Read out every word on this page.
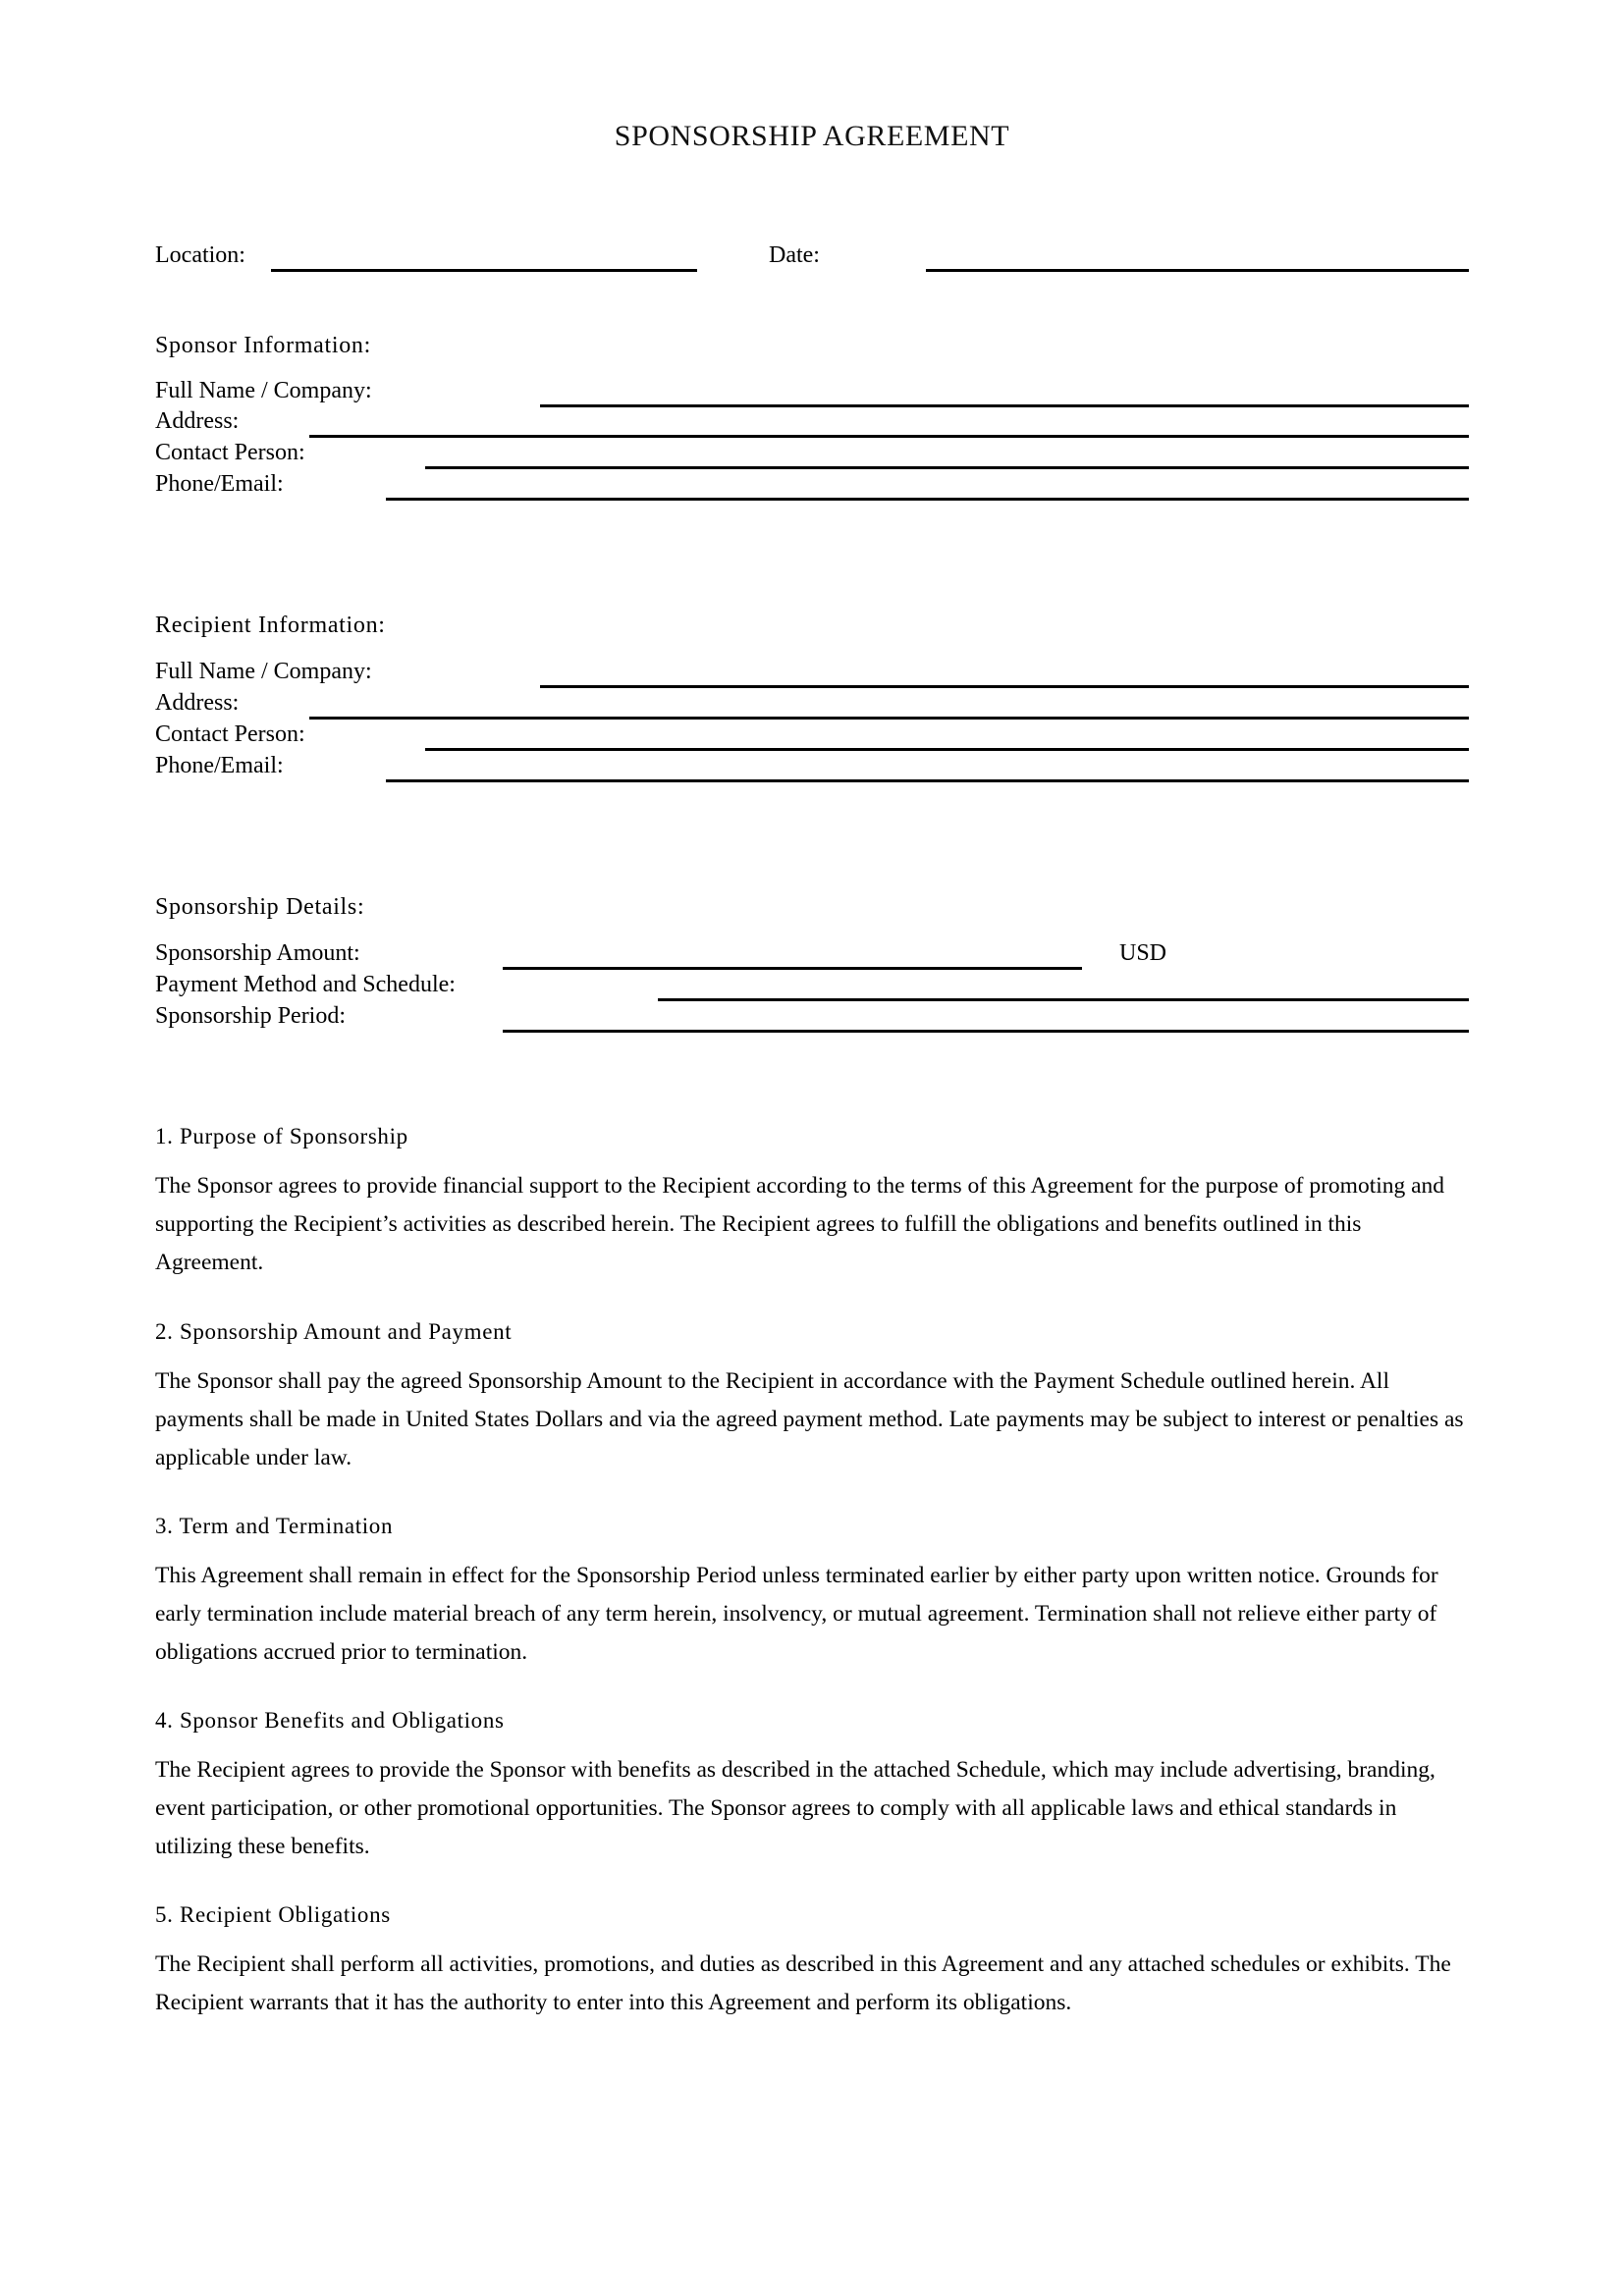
SPONSORSHIP AGREEMENT
Location:	Date:
Sponsor Information:
Full Name / Company:
Address:
Contact Person:
Phone/Email:
Recipient Information:
Full Name / Company:
Address:
Contact Person:
Phone/Email:
Sponsorship Details:
Sponsorship Amount:	USD
Payment Method and Schedule:
Sponsorship Period:
1. Purpose of Sponsorship

The Sponsor agrees to provide financial support to the Recipient according to the terms of this Agreement for the purpose of promoting and supporting the Recipient’s activities as described herein. The Recipient agrees to fulfill the obligations and benefits outlined in this Agreement.

2. Sponsorship Amount and Payment

The Sponsor shall pay the agreed Sponsorship Amount to the Recipient in accordance with the Payment Schedule outlined herein. All payments shall be made in United States Dollars and via the agreed payment method. Late payments may be subject to interest or penalties as applicable under law.

3. Term and Termination

This Agreement shall remain in effect for the Sponsorship Period unless terminated earlier by either party upon written notice. Grounds for early termination include material breach of any term herein, insolvency, or mutual agreement. Termination shall not relieve either party of obligations accrued prior to termination.

4. Sponsor Benefits and Obligations

The Recipient agrees to provide the Sponsor with benefits as described in the attached Schedule, which may include advertising, branding, event participation, or other promotional opportunities. The Sponsor agrees to comply with all applicable laws and ethical standards in utilizing these benefits.

5. Recipient Obligations

The Recipient shall perform all activities, promotions, and duties as described in this Agreement and any attached schedules or exhibits. The Recipient warrants that it has the authority to enter into this Agreement and perform its obligations.
